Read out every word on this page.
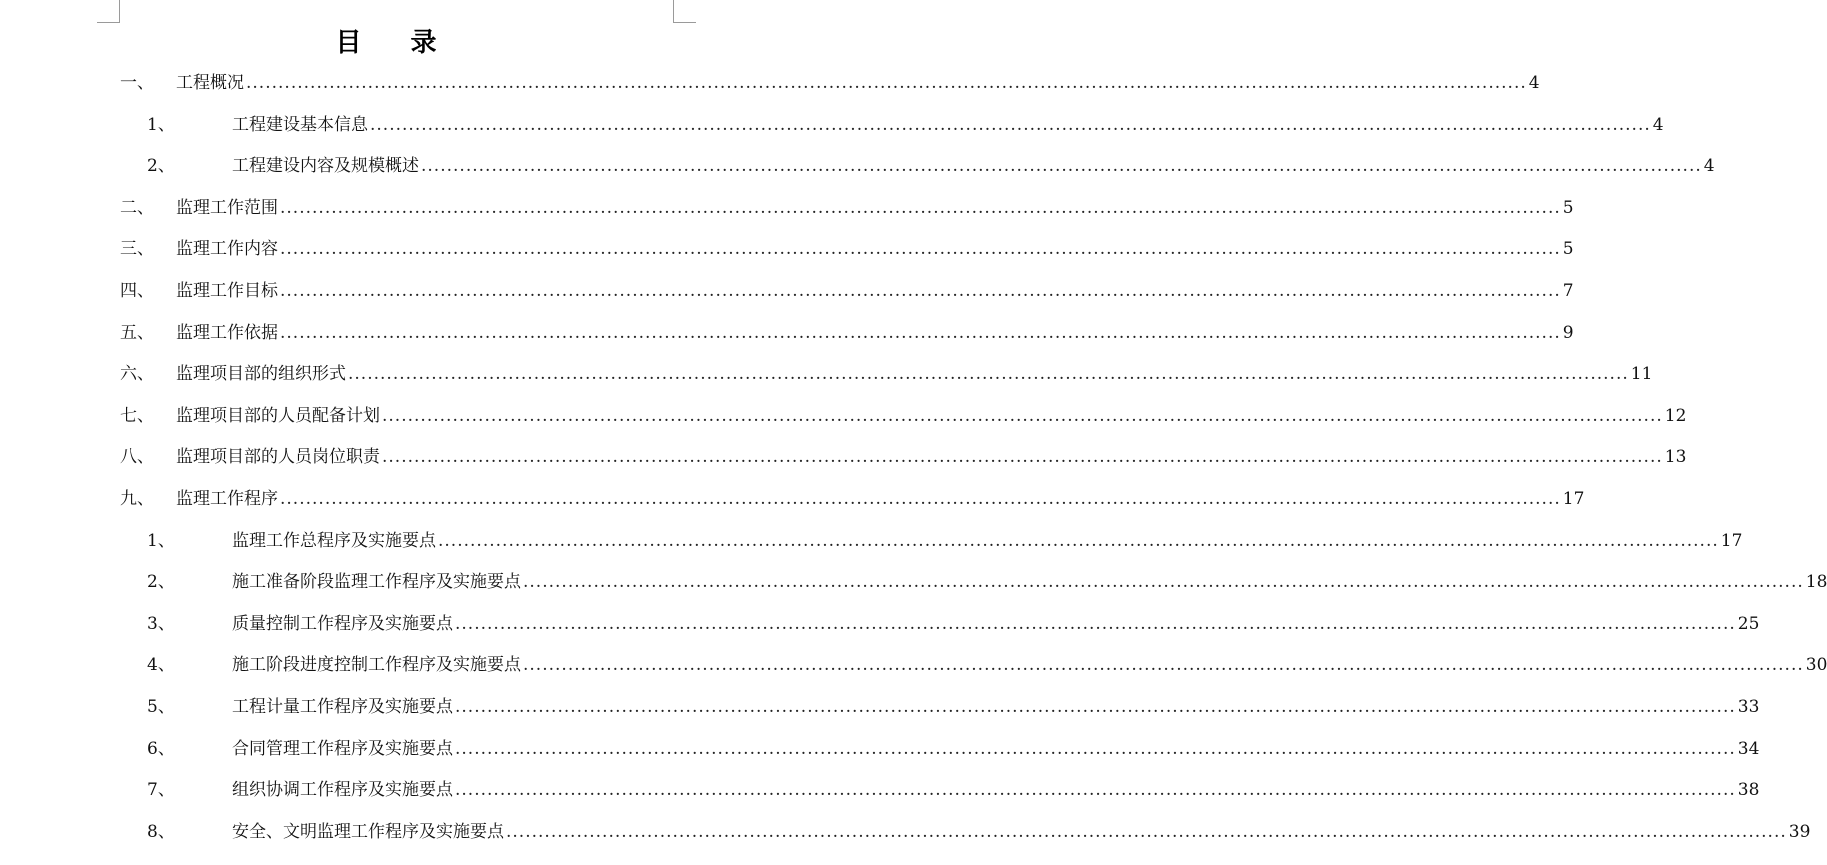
目 录
一、 工程概况 ........................................................................................................................................................................................................ 4
1、	工程建设基本信息 ........................................................................................................................................................................................................ 4
2、	工程建设内容及规模概述 ........................................................................................................................................................................................................ 4
二、 监理工作范围 ........................................................................................................................................................................................................ 5
三、 监理工作内容 ........................................................................................................................................................................................................ 5
四、 监理工作目标 ........................................................................................................................................................................................................ 7
五、 监理工作依据 ........................................................................................................................................................................................................ 9
六、 监理项目部的组织形式 ........................................................................................................................................................................................................ 11
七、 监理项目部的人员配备计划 ........................................................................................................................................................................................................ 12
八、 监理项目部的人员岗位职责 ........................................................................................................................................................................................................ 13
九、 监理工作程序 ........................................................................................................................................................................................................ 17
1、	监理工作总程序及实施要点 ........................................................................................................................................................................................................ 17
2、	施工准备阶段监理工作程序及实施要点 ........................................................................................................................................................................................................ 18
3、	质量控制工作程序及实施要点 ........................................................................................................................................................................................................ 25
4、	施工阶段进度控制工作程序及实施要点 ........................................................................................................................................................................................................ 30
5、	工程计量工作程序及实施要点 ........................................................................................................................................................................................................ 33
6、	合同管理工作程序及实施要点 ........................................................................................................................................................................................................ 34
7、	组织协调工作程序及实施要点 ........................................................................................................................................................................................................ 38
8、	安全、文明监理工作程序及实施要点 ........................................................................................................................................................................................................ 39
